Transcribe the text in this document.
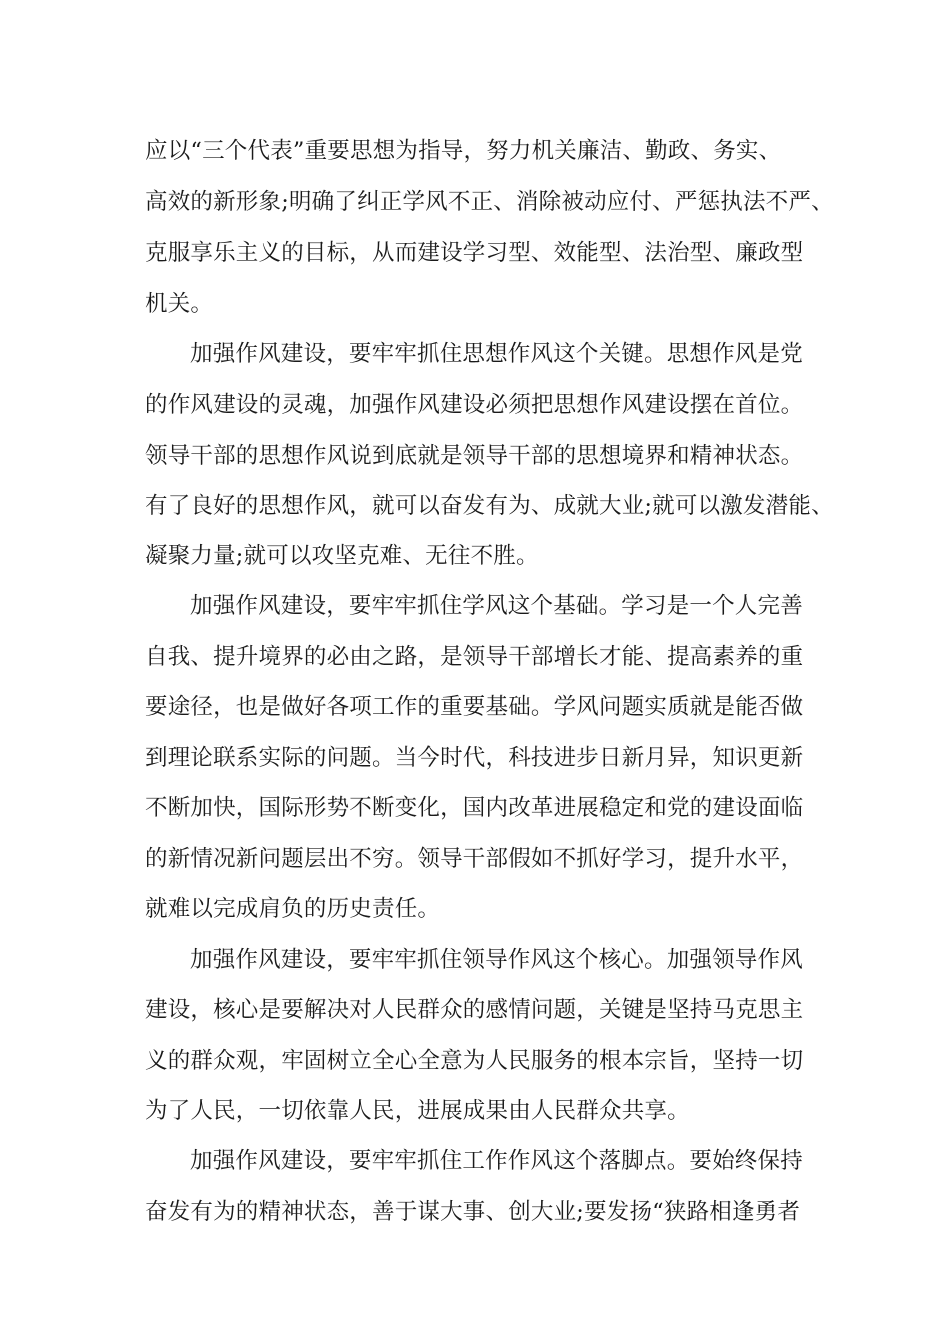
应以“三个代表”重要思想为指导，努力机关廉洁、勤政、务实、
高效的新形象;明确了纠正学风不正、消除被动应付、严惩执法不严、
克服享乐主义的目标，从而建设学习型、效能型、法治型、廉政型
机关。
加强作风建设，要牢牢抓住思想作风这个关键。思想作风是党
的作风建设的灵魂，加强作风建设必须把思想作风建设摆在首位。
领导干部的思想作风说到底就是领导干部的思想境界和精神状态。
有了良好的思想作风，就可以奋发有为、成就大业;就可以激发潜能、
凝聚力量;就可以攻坚克难、无往不胜。
加强作风建设，要牢牢抓住学风这个基础。学习是一个人完善
自我、提升境界的必由之路，是领导干部增长才能、提高素养的重
要途径，也是做好各项工作的重要基础。学风问题实质就是能否做
到理论联系实际的问题。当今时代，科技进步日新月异，知识更新
不断加快，国际形势不断变化，国内改革进展稳定和党的建设面临
的新情况新问题层出不穷。领导干部假如不抓好学习，提升水平，
就难以完成肩负的历史责任。
加强作风建设，要牢牢抓住领导作风这个核心。加强领导作风
建设，核心是要解决对人民群众的感情问题，关键是坚持马克思主
义的群众观，牢固树立全心全意为人民服务的根本宗旨，坚持一切
为了人民，一切依靠人民，进展成果由人民群众共享。
加强作风建设，要牢牢抓住工作作风这个落脚点。要始终保持
奋发有为的精神状态，善于谋大事、创大业;要发扬“狭路相逢勇者
